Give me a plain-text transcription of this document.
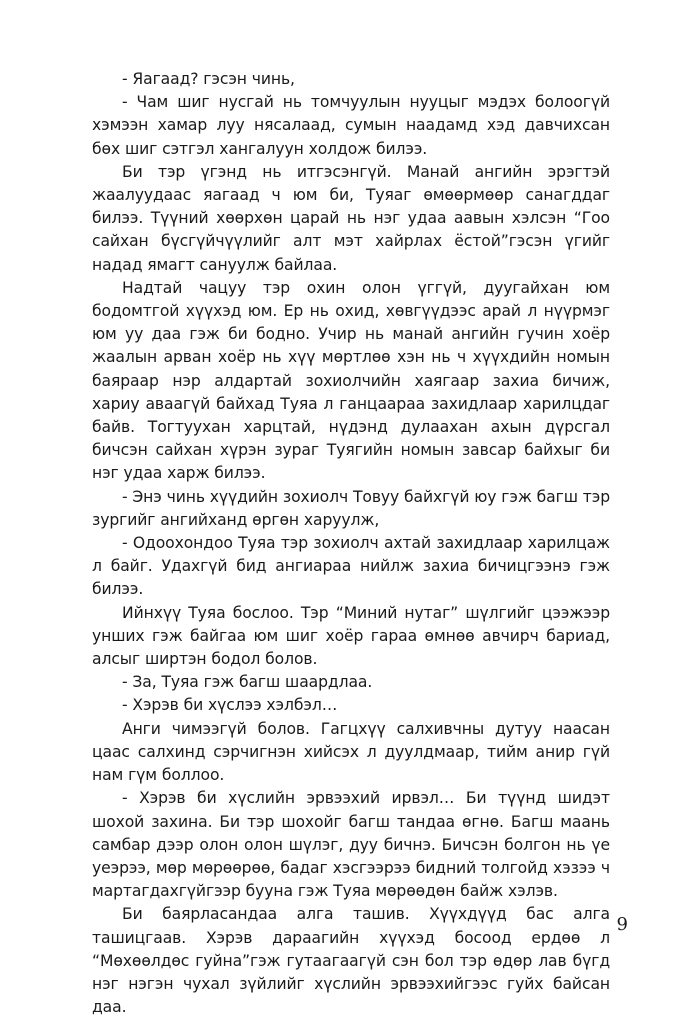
- Яагаад? гэсэн чинь,

- Чам шиг нусгай нь томчуулын нууцыг мэдэх болоогүй хэмээн хамар луу нясалаад, сумын наадамд хэд давчихсан бөх шиг сэтгэл хангалуун холдож билээ.

Би тэр үгэнд нь итгэсэнгүй. Манай ангийн эрэгтэй жаалуудаас яагаад ч юм би, Туяаг өмөөрмөөр санагддаг билээ. Түүний хөөрхөн царай нь нэг удаа аавын хэлсэн “Гоо сайхан бүсгүйчүүлийг алт мэт хайрлах ёстой”гэсэн үгийг надад ямагт сануулж байлаа.

Надтай чацуу тэр охин олон үггүй, дуугайхан юм бодомтгой хүүхэд юм. Ер нь охид, хөвгүүдээс арай л нүүрмэг юм уу даа гэж би бодно. Учир нь манай ангийн гучин хоёр жаалын арван хоёр нь хүү мөртлөө хэн нь ч хүүхдийн номын баяраар нэр алдартай зохиолчийн хаягаар захиа бичиж, хариу аваагүй байхад Туяа л ганцаараа захидлаар харилцдаг байв. Тогтуухан харцтай, нүдэнд дулаахан ахын дүрсгал бичсэн сайхан хүрэн зураг Туягийн номын завсар байхыг би нэг удаа харж билээ.

- Энэ чинь хүүдийн зохиолч Товуу байхгүй юу гэж багш тэр зургийг ангийханд өргөн харуулж,

- Одоохондоо Туяа тэр зохиолч ахтай захидлаар харилцаж л байг. Удахгүй бид ангиараа нийлж захиа бичицгээнэ гэж билээ.

Ийнхүү Туяа бослоо. Тэр “Миний нутаг” шүлгийг цээжээр унших гэж байгаа юм шиг хоёр гараа өмнөө авчирч бариад, алсыг ширтэн бодол болов.

- За, Туяа гэж багш шаардлаа.

- Хэрэв би хүслээ хэлбэл…

Анги чимээгүй болов. Гагцхүү салхивчны дутуу наасан цаас салхинд сэрчигнэн хийсэх л дуулдмаар, тийм анир гүй нам гүм боллоо.

- Хэрэв би хүслийн эрвээхий ирвэл… Би түүнд шидэт шохой захина. Би тэр шохойг багш тандаа өгнө. Багш маань самбар дээр олон олон шүлэг, дуу бичнэ. Бичсэн болгон нь үе уеэрээ, мөр мөрөөрөө, бадаг хэсгээрээ бидний толгойд хэзээ ч мартагдахгүйгээр бууна гэж Туяа мөрөөдөн байж хэлэв.

Би баярласандаа алга ташив. Хүүхдүүд бас алга ташицгаав. Хэрэв дараагийн хүүхэд босоод ердөө л “Мөхөөлдөс гуйна”гэж гутаагаагүй сэн бол тэр өдөр лав бүгд нэг нэгэн чухал зүйлийг хүслийн эрвээхийгээс гуйх байсан даа.

9
